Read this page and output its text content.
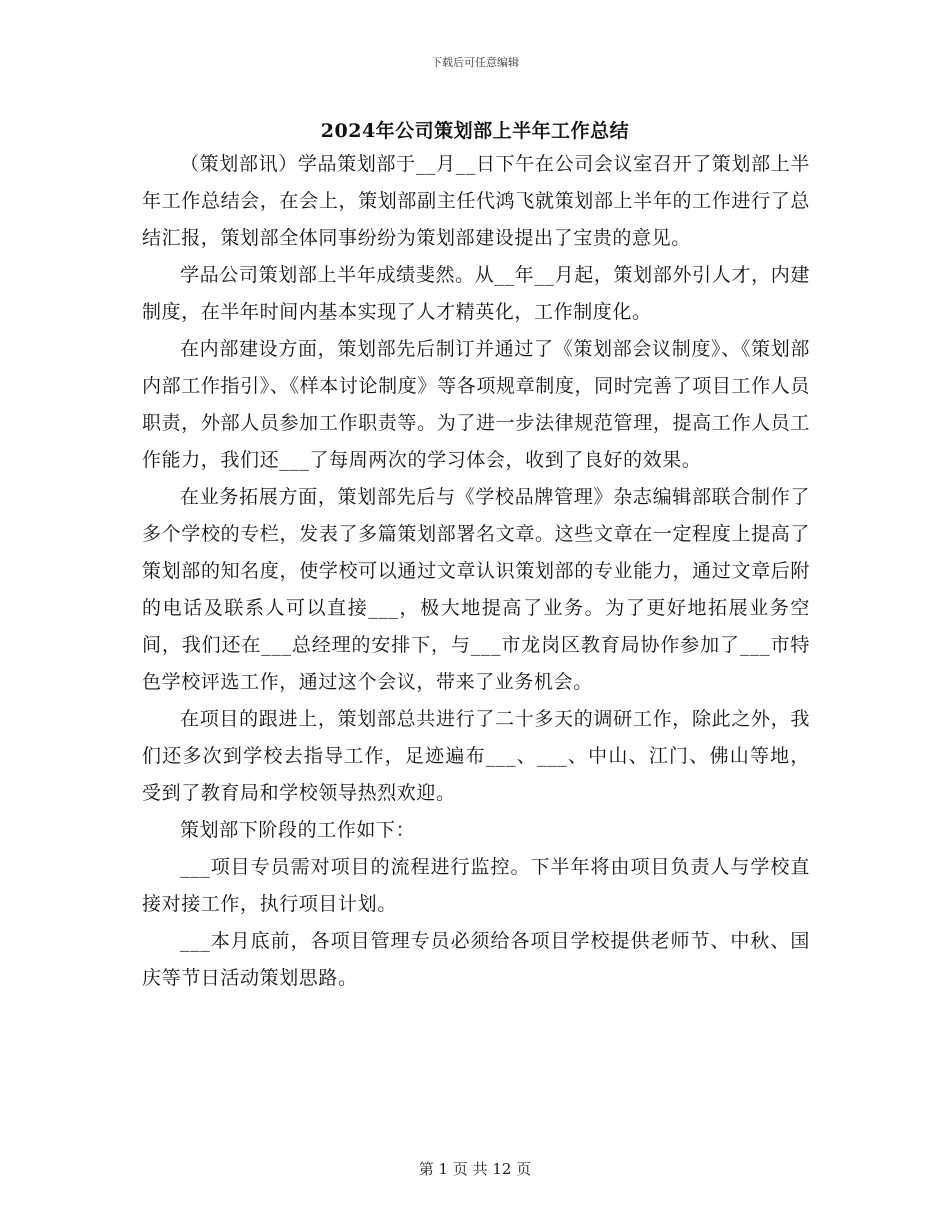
下载后可任意编辑
2024年公司策划部上半年工作总结

（策划部讯）学品策划部于__月__日下午在公司会议室召开了策划部上半年工作总结会，在会上，策划部副主任代鸿飞就策划部上半年的工作进行了总结汇报，策划部全体同事纷纷为策划部建设提出了宝贵的意见。

学品公司策划部上半年成绩斐然。从__年__月起，策划部外引人才，内建制度，在半年时间内基本实现了人才精英化，工作制度化。

在内部建设方面，策划部先后制订并通过了《策划部会议制度》、《策划部内部工作指引》、《样本讨论制度》等各项规章制度，同时完善了项目工作人员职责，外部人员参加工作职责等。为了进一步法律规范管理，提高工作人员工作能力，我们还___了每周两次的学习体会，收到了良好的效果。

在业务拓展方面，策划部先后与《学校品牌管理》杂志编辑部联合制作了多个学校的专栏，发表了多篇策划部署名文章。这些文章在一定程度上提高了策划部的知名度，使学校可以通过文章认识策划部的专业能力，通过文章后附的电话及联系人可以直接___，极大地提高了业务。为了更好地拓展业务空间，我们还在___总经理的安排下，与___市龙岗区教育局协作参加了___市特色学校评选工作，通过这个会议，带来了业务机会。

在项目的跟进上，策划部总共进行了二十多天的调研工作，除此之外，我们还多次到学校去指导工作，足迹遍布___、___、中山、江门、佛山等地，受到了教育局和学校领导热烈欢迎。

策划部下阶段的工作如下：

___项目专员需对项目的流程进行监控。下半年将由项目负责人与学校直接对接工作，执行项目计划。

___本月底前，各项目管理专员必须给各项目学校提供老师节、中秋、国庆等节日活动策划思路。

第 1 页 共 12 页
